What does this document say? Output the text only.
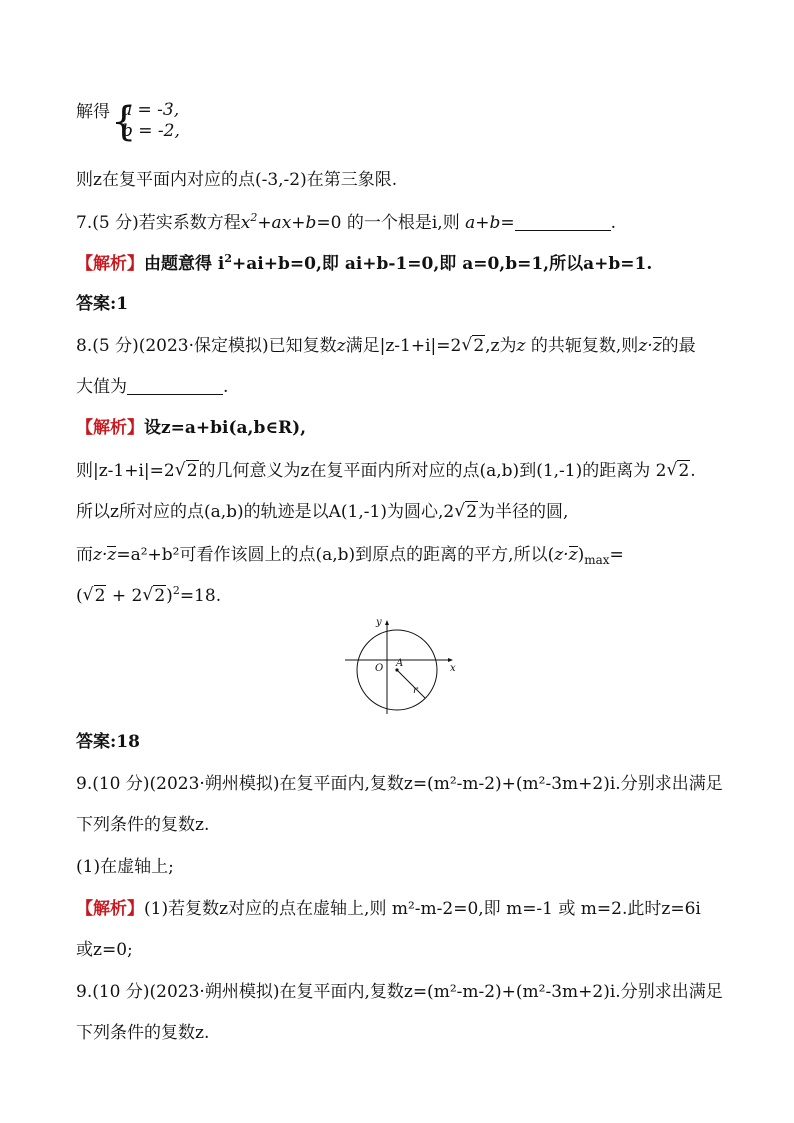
解得 {
a = -3,
b = -2,
则z在复平面内对应的点(-3,-2)在第三象限.
7.(5 分)若实系数方程$x^2+ax+b=0$ 的一个根是i,则 a+b=	.
【解析】由题意得 $i^2+ai+b=0$,即 ai+b-1=0,即 a=0,b=1,所以a+b=1.
答案:1
8.(5 分)(2023·保定模拟)已知复数z满足|z-1+i|=2 √ 2,z为z 的共轭复数,则z·z的最
大值为	.
【解析】设z=a+bi(a,b∈R),
则|z-1+i|=2 √ 2的几何意义为z在复平面内所对应的点(a,b)到(1,-1)的距离为 2 √ 2.
所以z所对应的点(a,b)的轨迹是以A(1,-1)为圆心,2 √ 2为半径的圆,
而z·z=a²+b²可看作该圆上的点(a,b)到原点的距离的平方,所以$(z\cdot z)_{max}=$
( √ 2 + 2 √ 2)$^2$=18.
y
x
O A
r
答案:18
9.(10 分)(2023·朔州模拟)在复平面内,复数z=(m²-m-2)+(m²-3m+2)i.分别求出满足
下列条件的复数z.
(1)在虚轴上;
【解析】(1)若复数z对应的点在虚轴上,则 m²-m-2=0,即 m=-1 或 m=2.此时z=6i
或z=0;
9.(10 分)(2023·朔州模拟)在复平面内,复数z=(m²-m-2)+(m²-3m+2)i.分别求出满足
下列条件的复数z.
